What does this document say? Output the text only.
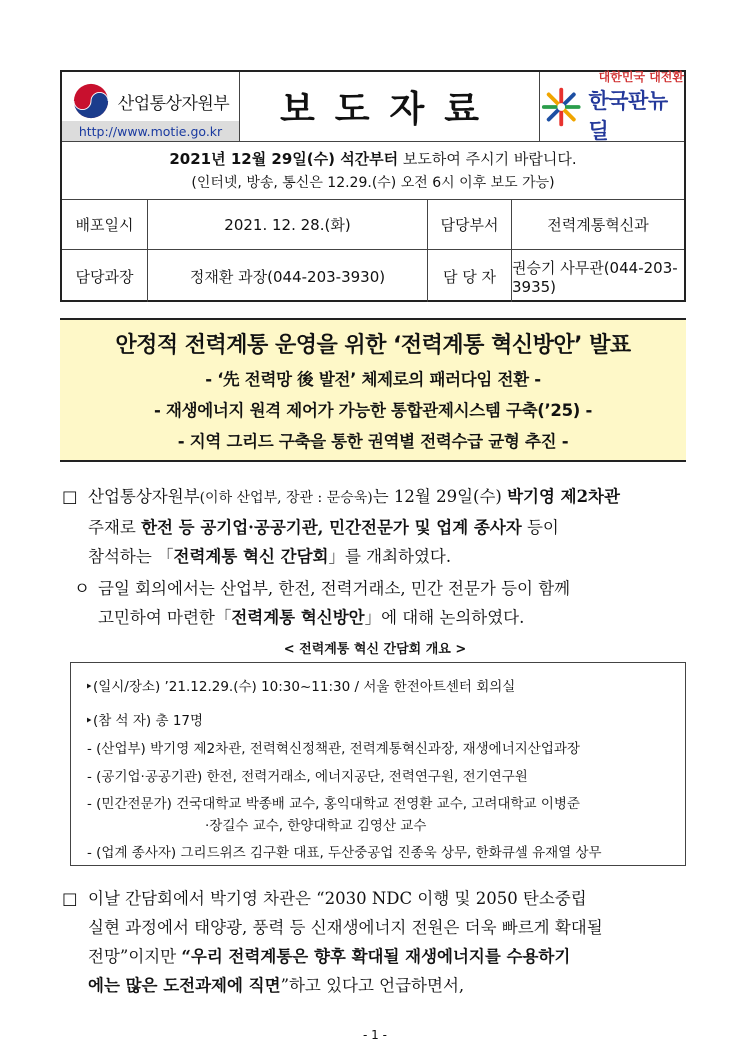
산업통상자원부
http://www.motie.go.kr
보도자료
대한민국 대전환
한국판뉴딜
2021년 12월 29일(수) 석간부터 보도하여 주시기 바랍니다.
(인터넷, 방송, 통신은 12.29.(수) 오전 6시 이후 보도 가능)
배포일시	2021. 12. 28.(화)	담당부서	전력계통혁신과
담당과장	정재환 과장(044-203-3930)	담 당 자	권승기 사무관(044-203-3935)
안정적 전력계통 운영을 위한 ‘전력계통 혁신방안’ 발표
- ‘先 전력망 後 발전’ 체제로의 패러다임 전환 -
- 재생에너지 원격 제어가 가능한 통합관제시스템 구축(’25) -
- 지역 그리드 구축을 통한 권역별 전력수급 균형 추진 -
□ 산업통상자원부(이하 산업부, 장관 : 문승욱)는 12월 29일(수) 박기영 제2차관
주재로 한전 등 공기업·공공기관, 민간전문가 및 업계 종사자 등이
참석하는 「전력계통 혁신 간담회」를 개최하였다.
ㅇ 금일 회의에서는 산업부, 한전, 전력거래소, 민간 전문가 등이 함께
고민하여 마련한「전력계통 혁신방안」에 대해 논의하였다.
< 전력계통 혁신 간담회 개요 >
‣(일시/장소) ’21.12.29.(수) 10:30~11:30 / 서울 한전아트센터 회의실
‣(참 석 자) 총 17명
- (산업부) 박기영 제2차관, 전력혁신정책관, 전력계통혁신과장, 재생에너지산업과장
- (공기업·공공기관) 한전, 전력거래소, 에너지공단, 전력연구원, 전기연구원
- (민간전문가) 건국대학교 박종배 교수, 홍익대학교 전영환 교수, 고려대학교 이병준
·장길수 교수, 한양대학교 김영산 교수
- (업계 종사자) 그리드위즈 김구환 대표, 두산중공업 진종욱 상무, 한화큐셀 유재열 상무
□ 이날 간담회에서 박기영 차관은 “2030 NDC 이행 및 2050 탄소중립
실현 과정에서 태양광, 풍력 등 신재생에너지 전원은 더욱 빠르게 확대될
전망”이지만 “우리 전력계통은 향후 확대될 재생에너지를 수용하기
에는 많은 도전과제에 직면”하고 있다고 언급하면서,
- 1 -
